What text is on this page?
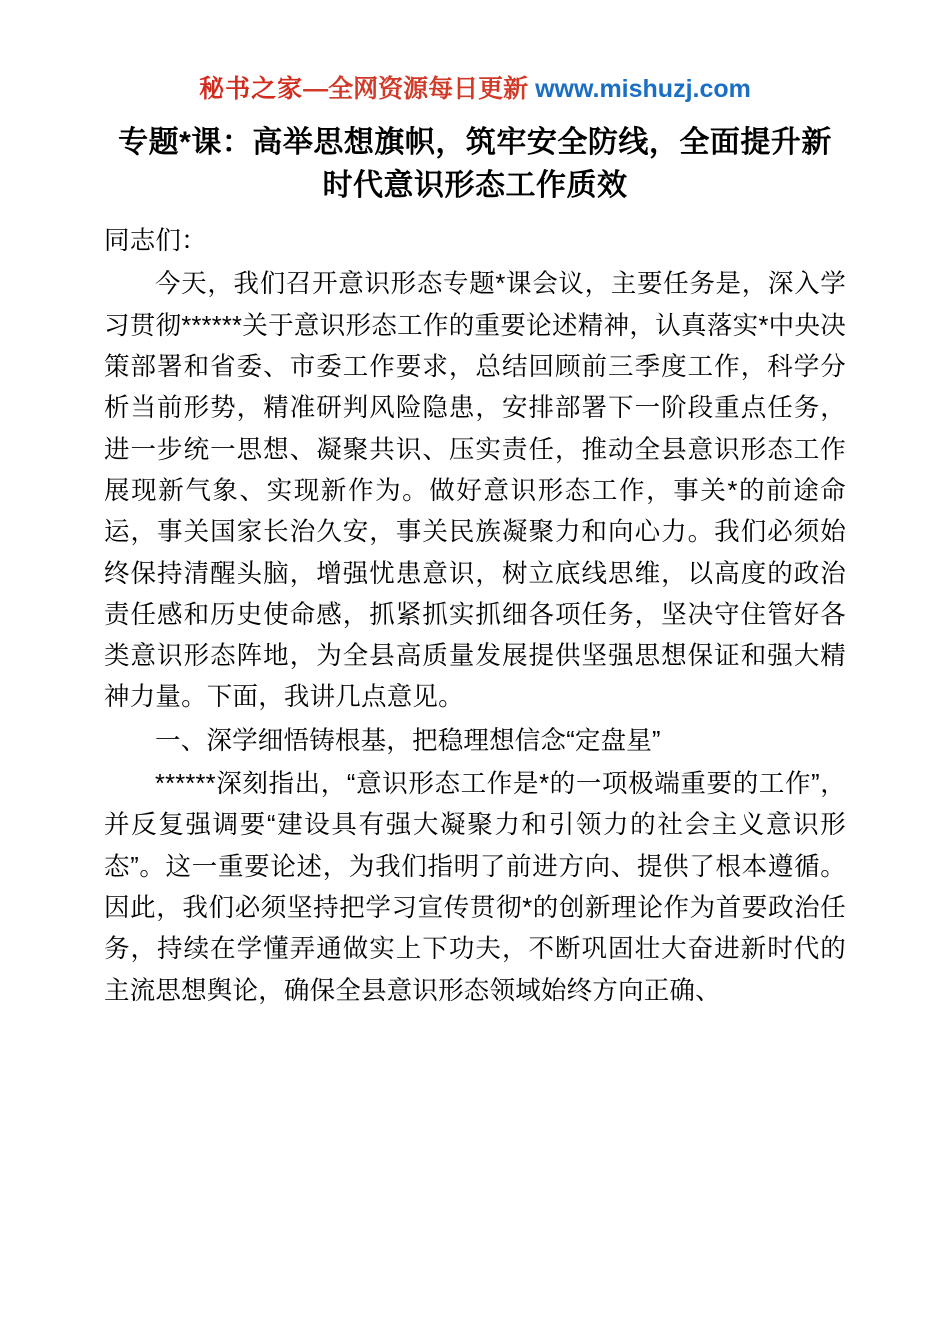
秘书之家—全网资源每日更新 www.mishuzj.com
专题*课：高举思想旗帜，筑牢安全防线，全面提升新时代意识形态工作质效

同志们：

今天，我们召开意识形态专题*课会议，主要任务是，深入学习贯彻******关于意识形态工作的重要论述精神，认真落实*中央决策部署和省委、市委工作要求，总结回顾前三季度工作，科学分析当前形势，精准研判风险隐患，安排部署下一阶段重点任务，进一步统一思想、凝聚共识、压实责任，推动全县意识形态工作展现新气象、实现新作为。做好意识形态工作，事关*的前途命运，事关国家长治久安，事关民族凝聚力和向心力。我们必须始终保持清醒头脑，增强忧患意识，树立底线思维，以高度的政治责任感和历史使命感，抓紧抓实抓细各项任务，坚决守住管好各类意识形态阵地，为全县高质量发展提供坚强思想保证和强大精神力量。下面，我讲几点意见。

一、深学细悟铸根基，把稳理想信念“定盘星”

******深刻指出，“意识形态工作是*的一项极端重要的工作”，并反复强调要“建设具有强大凝聚力和引领力的社会主义意识形态”。这一重要论述，为我们指明了前进方向、提供了根本遵循。因此，我们必须坚持把学习宣传贯彻*的创新理论作为首要政治任务，持续在学懂弄通做实上下功夫，不断巩固壮大奋进新时代的主流思想舆论，确保全县意识形态领域始终方向正确、
